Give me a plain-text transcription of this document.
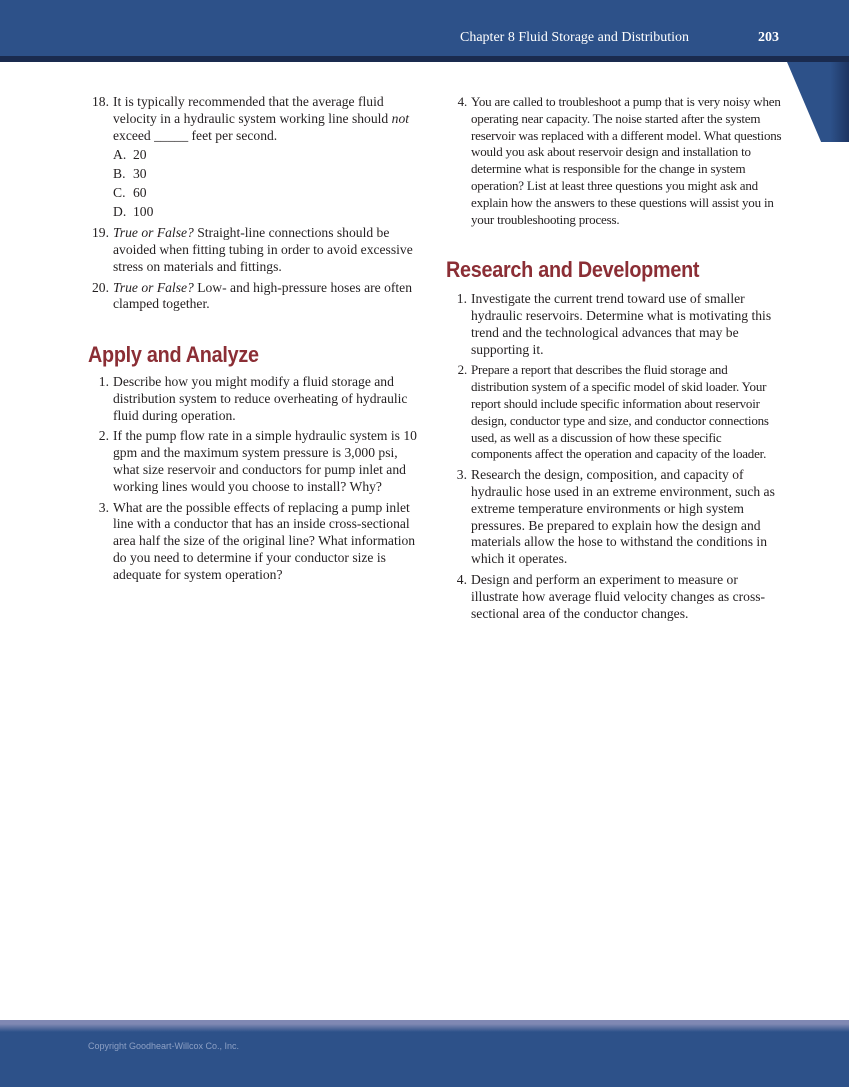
Chapter 8 Fluid Storage and Distribution	203
18. It is typically recommended that the average fluid velocity in a hydraulic system working line should not exceed _____ feet per second.
A. 20
B. 30
C. 60
D. 100
19. True or False? Straight-line connections should be avoided when fitting tubing in order to avoid excessive stress on materials and fittings.
20. True or False? Low- and high-pressure hoses are often clamped together.
Apply and Analyze
1. Describe how you might modify a fluid storage and distribution system to reduce overheating of hydraulic fluid during operation.
2. If the pump flow rate in a simple hydraulic system is 10 gpm and the maximum system pressure is 3,000 psi, what size reservoir and conductors for pump inlet and working lines would you choose to install? Why?
3. What are the possible effects of replacing a pump inlet line with a conductor that has an inside cross-sectional area half the size of the original line? What information do you need to determine if your conductor size is adequate for system operation?
4. You are called to troubleshoot a pump that is very noisy when operating near capacity. The noise started after the system reservoir was replaced with a different model. What questions would you ask about reservoir design and installation to determine what is responsible for the change in system operation? List at least three questions you might ask and explain how the answers to these questions will assist you in your troubleshooting process.
Research and Development
1. Investigate the current trend toward use of smaller hydraulic reservoirs. Determine what is motivating this trend and the technological advances that may be supporting it.
2. Prepare a report that describes the fluid storage and distribution system of a specific model of skid loader. Your report should include specific information about reservoir design, conductor type and size, and conductor connections used, as well as a discussion of how these specific components affect the operation and capacity of the loader.
3. Research the design, composition, and capacity of hydraulic hose used in an extreme environment, such as extreme temperature environments or high system pressures. Be prepared to explain how the design and materials allow the hose to withstand the conditions in which it operates.
4. Design and perform an experiment to measure or illustrate how average fluid velocity changes as cross-sectional area of the conductor changes.
Copyright Goodheart-Willcox Co., Inc.
